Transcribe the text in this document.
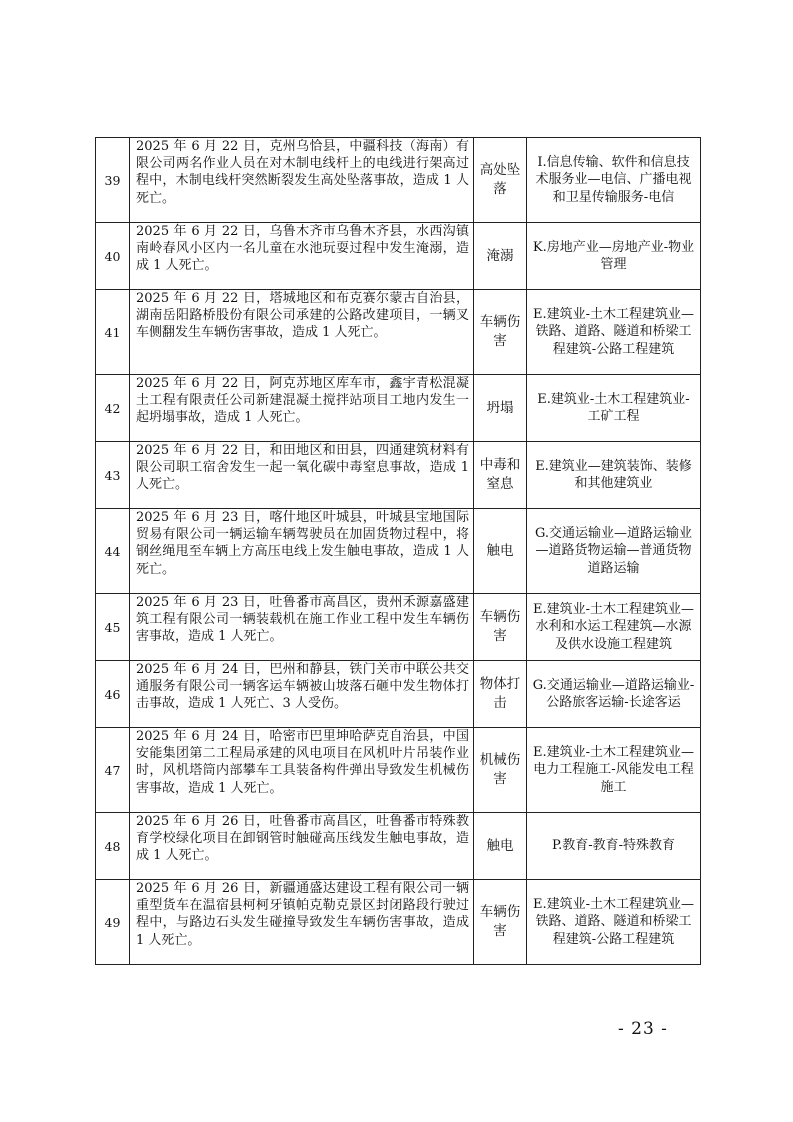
39	2025 年 6 月 22 日，克州乌恰县，中疆科技（海南）有限公司两名作业人员在对木制电线杆上的电线进行架高过程中，木制电线杆突然断裂发生高处坠落事故，造成 1 人死亡。	高处坠落	I.信息传输、软件和信息技术服务业—电信、广播电视和卫星传输服务-电信
40	2025 年 6 月 22 日，乌鲁木齐市乌鲁木齐县，水西沟镇南岭春风小区内一名儿童在水池玩耍过程中发生淹溺，造成 1 人死亡。	淹溺	K.房地产业—房地产业-物业管理
41	2025 年 6 月 22 日，塔城地区和布克赛尔蒙古自治县，湖南岳阳路桥股份有限公司承建的公路改建项目，一辆叉车侧翻发生车辆伤害事故，造成 1 人死亡。	车辆伤害	E.建筑业-土木工程建筑业—铁路、道路、隧道和桥梁工程建筑-公路工程建筑
42	2025 年 6 月 22 日，阿克苏地区库车市，鑫宇青松混凝土工程有限责任公司新建混凝土搅拌站项目工地内发生一起坍塌事故，造成 1 人死亡。	坍塌	E.建筑业-土木工程建筑业-工矿工程
43	2025 年 6 月 22 日，和田地区和田县，四通建筑材料有限公司职工宿舍发生一起一氧化碳中毒窒息事故，造成 1 人死亡。	中毒和窒息	E.建筑业—建筑装饰、装修和其他建筑业
44	2025 年 6 月 23 日，喀什地区叶城县，叶城县宝地国际贸易有限公司一辆运输车辆驾驶员在加固货物过程中，将钢丝绳甩至车辆上方高压电线上发生触电事故，造成 1 人死亡。	触电	G.交通运输业—道路运输业—道路货物运输—普通货物道路运输
45	2025 年 6 月 23 日，吐鲁番市高昌区，贵州禾源嘉盛建筑工程有限公司一辆装载机在施工作业工程中发生车辆伤害事故，造成 1 人死亡。	车辆伤害	E.建筑业-土木工程建筑业—水利和水运工程建筑—水源及供水设施工程建筑
46	2025 年 6 月 24 日，巴州和静县，铁门关市中联公共交通服务有限公司一辆客运车辆被山坡落石砸中发生物体打击事故，造成 1 人死亡、3 人受伤。	物体打击	G.交通运输业—道路运输业-公路旅客运输-长途客运
47	2025 年 6 月 24 日，哈密市巴里坤哈萨克自治县，中国安能集团第二工程局承建的风电项目在风机叶片吊装作业时，风机塔筒内部攀车工具装备构件弹出导致发生机械伤害事故，造成 1 人死亡。	机械伤害	E.建筑业-土木工程建筑业—电力工程施工-风能发电工程施工
48	2025 年 6 月 26 日，吐鲁番市高昌区，吐鲁番市特殊教育学校绿化项目在卸钢管时触碰高压线发生触电事故，造成 1 人死亡。	触电	P.教育-教育-特殊教育
49	2025 年 6 月 26 日，新疆通盛达建设工程有限公司一辆重型货车在温宿县柯柯牙镇帕克勒克景区封闭路段行驶过程中，与路边石头发生碰撞导致发生车辆伤害事故，造成 1 人死亡。	车辆伤害	E.建筑业-土木工程建筑业—铁路、道路、隧道和桥梁工程建筑-公路工程建筑
- 23 -
